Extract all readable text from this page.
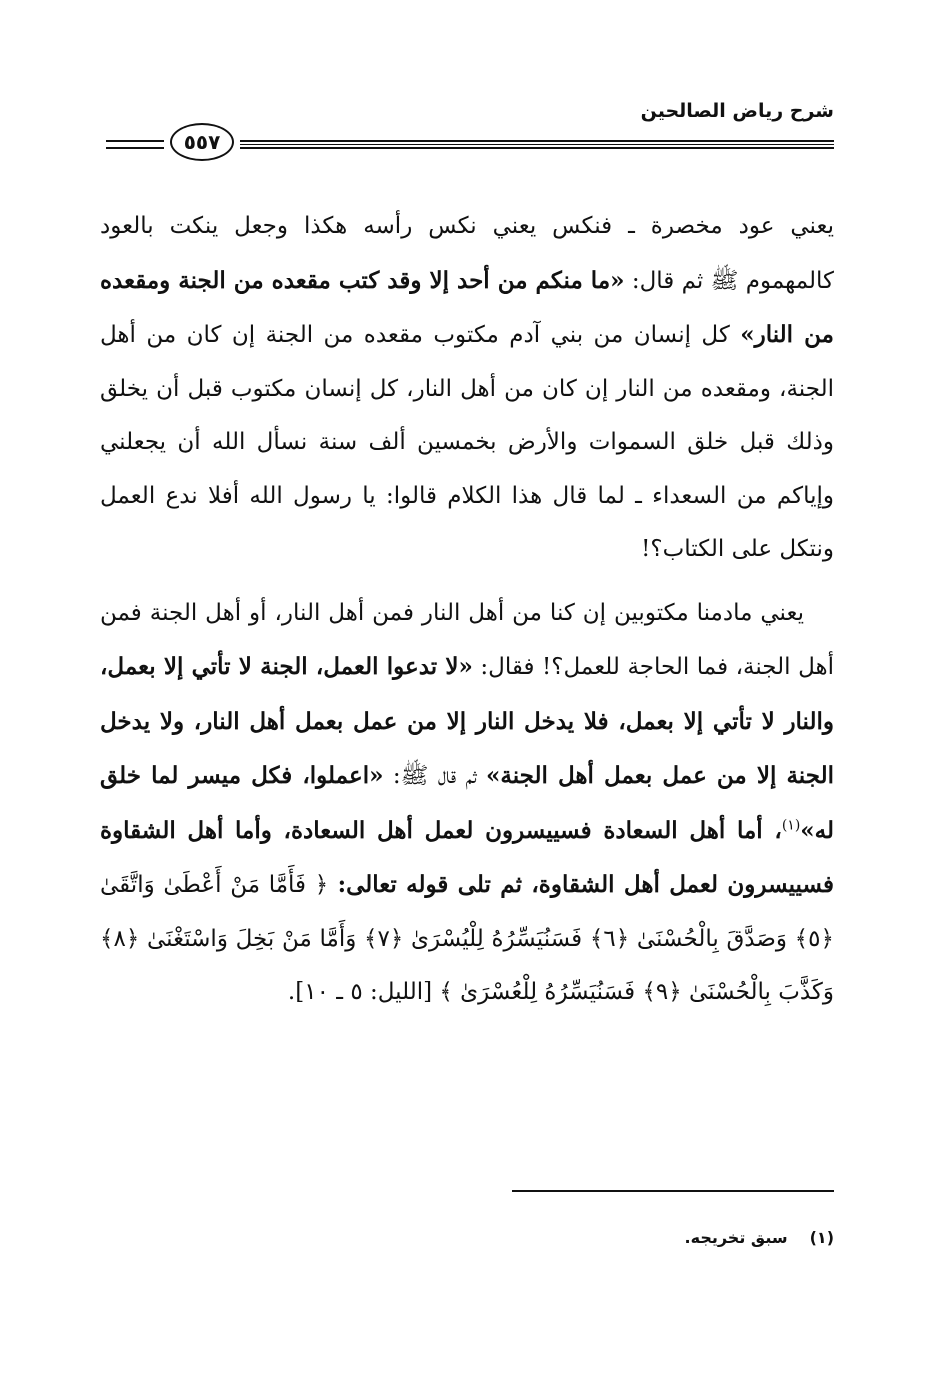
شرح رياض الصالحين
٥٥٧

يعني عود مخصرة ـ فنكس يعني نكس رأسه هكذا وجعل ينكت بالعود كالمهموم ﷺ ثم قال: «ما منكم من أحد إلا وقد كتب مقعده من الجنة ومقعده من النار» كل إنسان من بني آدم مكتوب مقعده من الجنة إن كان من أهل الجنة، ومقعده من النار إن كان من أهل النار، كل إنسان مكتوب قبل أن يخلق وذلك قبل خلق السموات والأرض بخمسين ألف سنة نسأل الله أن يجعلني وإياكم من السعداء ـ لما قال هذا الكلام قالوا: يا رسول الله أفلا ندع العمل ونتكل على الكتاب؟!

يعني مادمنا مكتوبين إن كنا من أهل النار فمن أهل النار، أو أهل الجنة فمن أهل الجنة، فما الحاجة للعمل؟! فقال: «لا تدعوا العمل، الجنة لا تأتي إلا بعمل، والنار لا تأتي إلا بعمل، فلا يدخل النار إلا من عمل بعمل أهل النار، ولا يدخل الجنة إلا من عمل بعمل أهل الجنة» ثم قال ﷺ: «اعملوا، فكل ميسر لما خلق له»$^{(١)}$، أما أهل السعادة فسييسرون لعمل أهل السعادة، وأما أهل الشقاوة فسييسرون لعمل أهل الشقاوة، ثم تلى قوله تعالى: ﴿ فَأَمَّا مَنْ أَعْطَىٰ وَاتَّقَىٰ ﴿٥﴾ وَصَدَّقَ بِالْحُسْنَىٰ ﴿٦﴾ فَسَنُيَسِّرُهُ لِلْيُسْرَىٰ ﴿٧﴾ وَأَمَّا مَنْ بَخِلَ وَاسْتَغْنَىٰ ﴿٨﴾ وَكَذَّبَ بِالْحُسْنَىٰ ﴿٩﴾ فَسَنُيَسِّرُهُ لِلْعُسْرَىٰ ﴾ [الليل: ٥ ـ ١٠].

(١)سبق تخريجه.
